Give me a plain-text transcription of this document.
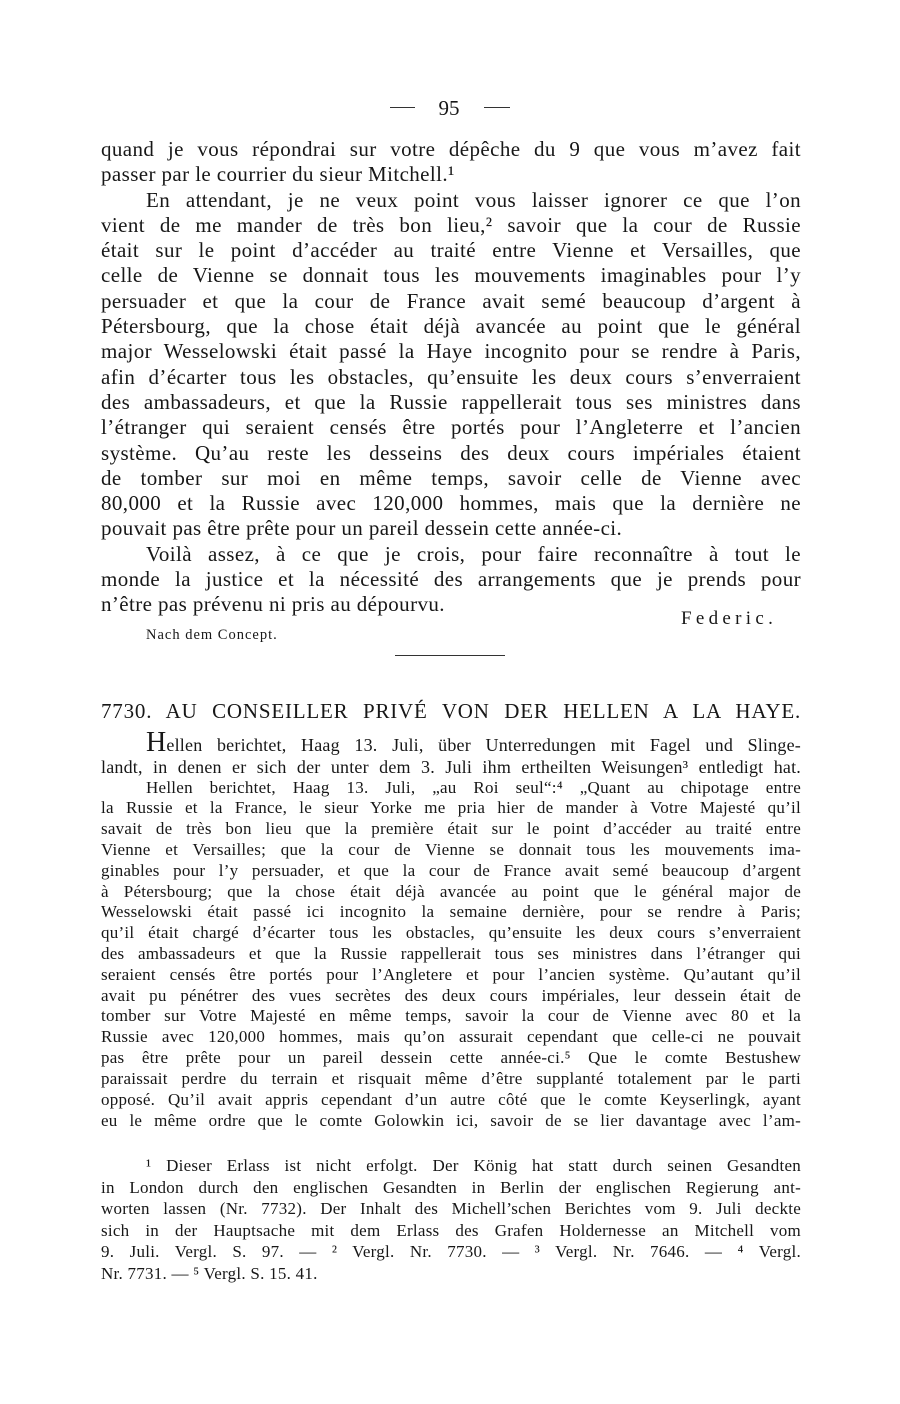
95
quand je vous répondrai sur votre dépêche du 9 que vous m’avez fait
passer par le courrier du sieur Mitchell.¹
En attendant, je ne veux point vous laisser ignorer ce que l’on
vient de me mander de très bon lieu,² savoir que la cour de Russie
était sur le point d’accéder au traité entre Vienne et Versailles, que
celle de Vienne se donnait tous les mouvements imaginables pour l’y
persuader et que la cour de France avait semé beaucoup d’argent à
Pétersbourg, que la chose était déjà avancée au point que le général
major Wesselowski était passé la Haye incognito pour se rendre à Paris,
afin d’écarter tous les obstacles, qu’ensuite les deux cours s’enverraient
des ambassadeurs, et que la Russie rappellerait tous ses ministres dans
l’étranger qui seraient censés être portés pour l’Angleterre et l’ancien
système. Qu’au reste les desseins des deux cours impériales étaient
de tomber sur moi en même temps, savoir celle de Vienne avec
80,000 et la Russie avec 120,000 hommes, mais que la dernière ne
pouvait pas être prête pour un pareil dessein cette année-ci.
Voilà assez, à ce que je crois, pour faire reconnaître à tout le
monde la justice et la nécessité des arrangements que je prends pour
n’être pas prévenu ni pris au dépourvu.
Federic.
Nach dem Concept.
7730. AU CONSEILLER PRIVÉ VON DER HELLEN A LA HAYE.
Hellen berichtet, Haag 13. Juli, über Unterredungen mit Fagel und Slinge-
landt, in denen er sich der unter dem 3. Juli ihm ertheilten Weisungen³ entledigt hat.
Hellen berichtet, Haag 13. Juli, „au Roi seul“:⁴ „Quant au chipotage entre
la Russie et la France, le sieur Yorke me pria hier de mander à Votre Majesté qu’il
savait de très bon lieu que la première était sur le point d’accéder au traité entre
Vienne et Versailles; que la cour de Vienne se donnait tous les mouvements ima-
ginables pour l’y persuader, et que la cour de France avait semé beaucoup d’argent
à Pétersbourg; que la chose était déjà avancée au point que le général major de
Wesselowski était passé ici incognito la semaine dernière, pour se rendre à Paris;
qu’il était chargé d’écarter tous les obstacles, qu’ensuite les deux cours s’enverraient
des ambassadeurs et que la Russie rappellerait tous ses ministres dans l’étranger qui
seraient censés être portés pour l’Angletere et pour l’ancien système. Qu’autant qu’il
avait pu pénétrer des vues secrètes des deux cours impériales, leur dessein était de
tomber sur Votre Majesté en même temps, savoir la cour de Vienne avec 80 et la
Russie avec 120,000 hommes, mais qu’on assurait cependant que celle-ci ne pouvait
pas être prête pour un pareil dessein cette année-ci.⁵ Que le comte Bestushew
paraissait perdre du terrain et risquait même d’être supplanté totalement par le parti
opposé. Qu’il avait appris cependant d’un autre côté que le comte Keyserlingk, ayant
eu le même ordre que le comte Golowkin ici, savoir de se lier davantage avec l’am-
¹ Dieser Erlass ist nicht erfolgt. Der König hat statt durch seinen Gesandten
in London durch den englischen Gesandten in Berlin der englischen Regierung ant-
worten lassen (Nr. 7732). Der Inhalt des Michell’schen Berichtes vom 9. Juli deckte
sich in der Hauptsache mit dem Erlass des Grafen Holdernesse an Mitchell vom
9. Juli. Vergl. S. 97. — ² Vergl. Nr. 7730. — ³ Vergl. Nr. 7646. — ⁴ Vergl.
Nr. 7731. — ⁵ Vergl. S. 15. 41.
